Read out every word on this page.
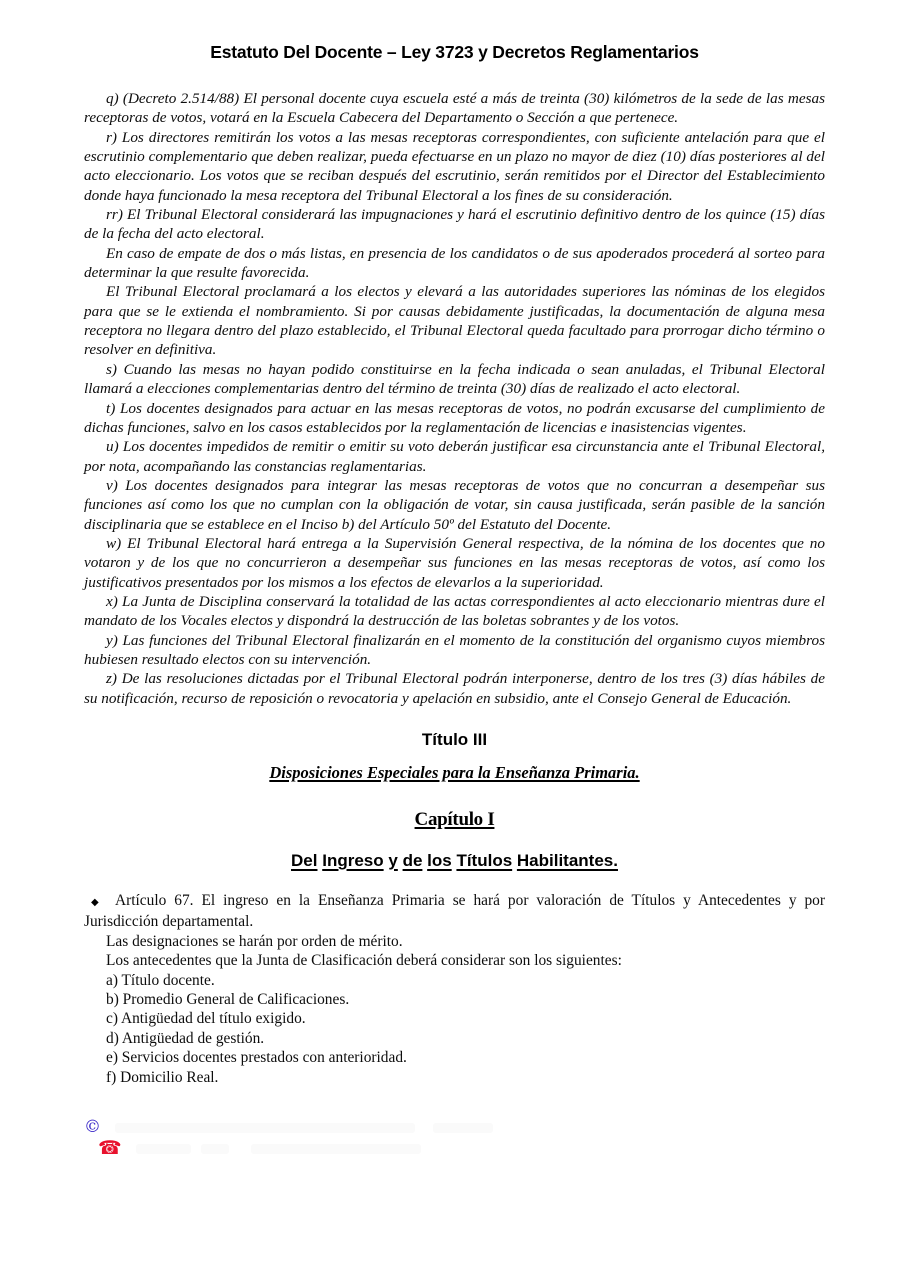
Estatuto Del Docente – Ley 3723 y Decretos Reglamentarios

q) (Decreto 2.514/88) El personal docente cuya escuela esté a más de treinta (30) kilómetros de la sede de las mesas receptoras de votos, votará en la Escuela Cabecera del Departamento o Sección a que pertenece.

r) Los directores remitirán los votos a las mesas receptoras correspondientes, con suficiente antelación para que el escrutinio complementario que deben realizar, pueda efectuarse en un plazo no mayor de diez (10) días posteriores al del acto eleccionario. Los votos que se reciban después del escrutinio, serán remitidos por el Director del Establecimiento donde haya funcionado la mesa receptora del Tribunal Electoral a los fines de su consideración.

rr) El Tribunal Electoral considerará las impugnaciones y hará el escrutinio definitivo dentro de los quince (15) días de la fecha del acto electoral.

En caso de empate de dos o más listas, en presencia de los candidatos o de sus apoderados procederá al sorteo para determinar la que resulte favorecida.

El Tribunal Electoral proclamará a los electos y elevará a las autoridades superiores las nóminas de los elegidos para que se le extienda el nombramiento. Si por causas debidamente justificadas, la documentación de alguna mesa receptora no llegara dentro del plazo establecido, el Tribunal Electoral queda facultado para prorrogar dicho término o resolver en definitiva.

s) Cuando las mesas no hayan podido constituirse en la fecha indicada o sean anuladas, el Tribunal Electoral llamará a elecciones complementarias dentro del término de treinta (30) días de realizado el acto electoral.

t) Los docentes designados para actuar en las mesas receptoras de votos, no podrán excusarse del cumplimiento de dichas funciones, salvo en los casos establecidos por la reglamentación de licencias e inasistencias vigentes.

u) Los docentes impedidos de remitir o emitir su voto deberán justificar esa circunstancia ante el Tribunal Electoral, por nota, acompañando las constancias reglamentarias.

v) Los docentes designados para integrar las mesas receptoras de votos que no concurran a desempeñar sus funciones así como los que no cumplan con la obligación de votar, sin causa justificada, serán pasible de la sanción disciplinaria que se establece en el Inciso b) del Artículo 50º del Estatuto del Docente.

w) El Tribunal Electoral hará entrega a la Supervisión General respectiva, de la nómina de los docentes que no votaron y de los que no concurrieron a desempeñar sus funciones en las mesas receptoras de votos, así como los justificativos presentados por los mismos a los efectos de elevarlos a la superioridad.

x) La Junta de Disciplina conservará la totalidad de las actas correspondientes al acto eleccionario mientras dure el mandato de los Vocales electos y dispondrá la destrucción de las boletas sobrantes y de los votos.

y) Las funciones del Tribunal Electoral finalizarán en el momento de la constitución del organismo cuyos miembros hubiesen resultado electos con su intervención.

z) De las resoluciones dictadas por el Tribunal Electoral podrán interponerse, dentro de los tres (3) días hábiles de su notificación, recurso de reposición o revocatoria y apelación en subsidio, ante el Consejo General de Educación.

Título III

Disposiciones Especiales para la Enseñanza Primaria.

Capítulo I

Del Ingreso y de los Títulos Habilitantes.

◆ Artículo 67. El ingreso en la Enseñanza Primaria se hará por valoración de Títulos y Antecedentes y por Jurisdicción departamental.

Las designaciones se harán por orden de mérito.

Los antecedentes que la Junta de Clasificación deberá considerar son los siguientes:

a) Título docente.

b) Promedio General de Calificaciones.

c) Antigüedad del título exigido.

d) Antigüedad de gestión.

e) Servicios docentes prestados con anterioridad.

f) Domicilio Real.

©
☎
